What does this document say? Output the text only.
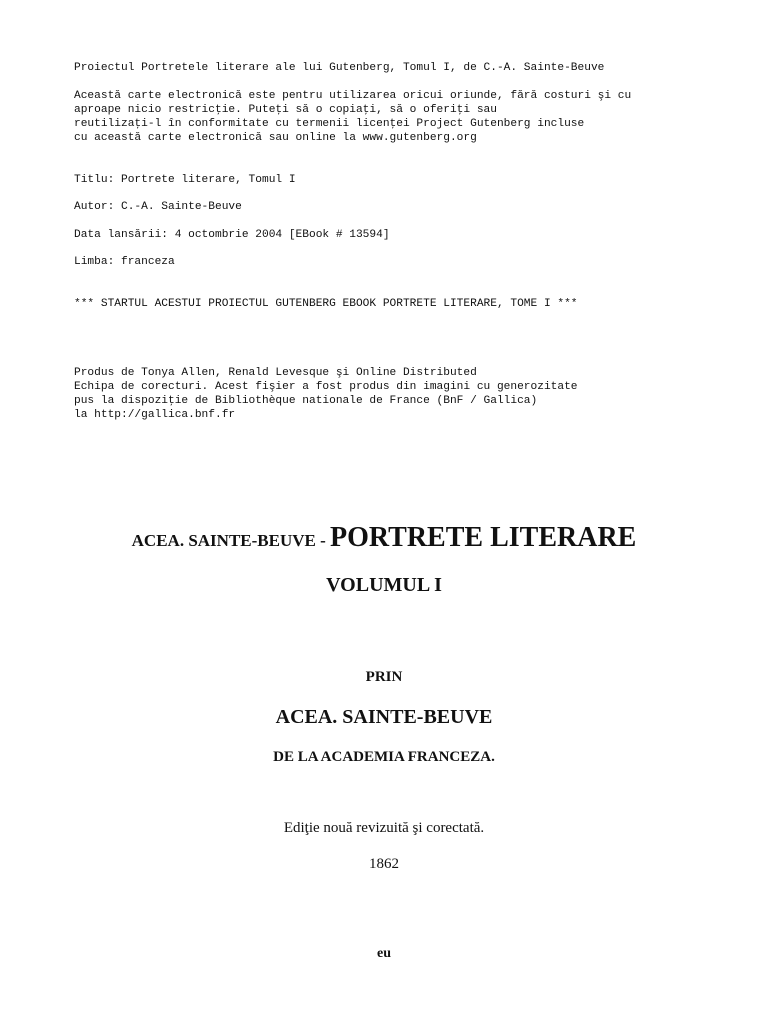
Proiectul Portretele literare ale lui Gutenberg, Tomul I, de C.-A. Sainte-Beuve

Această carte electronică este pentru utilizarea oricui oriunde, fără costuri şi cu

aproape nicio restricţie. Puteţi să o copiaţi, să o oferiţi sau

reutilizaţi-l în conformitate cu termenii licenţei Project Gutenberg incluse

cu această carte electronică sau online la www.gutenberg.org

Titlu: Portrete literare, Tomul I

Autor: C.-A. Sainte-Beuve

Data lansării: 4 octombrie 2004 [EBook # 13594]

Limba: franceza

*** STARTUL ACESTUI PROIECTUL GUTENBERG EBOOK PORTRETE LITERARE, TOME I ***

Produs de Tonya Allen, Renald Levesque şi Online Distributed

Echipa de corecturi. Acest fişier a fost produs din imagini cu generozitate

pus la dispoziţie de Bibliothèque nationale de France (BnF / Gallica)

la http://gallica.bnf.fr

ACEA. SAINTE-BEUVE - PORTRETE LITERARE

VOLUMUL I

PRIN

ACEA. SAINTE-BEUVE

DE LA ACADEMIA FRANCEZA.

Ediţie nouă revizuită şi corectată.

1862

eu
